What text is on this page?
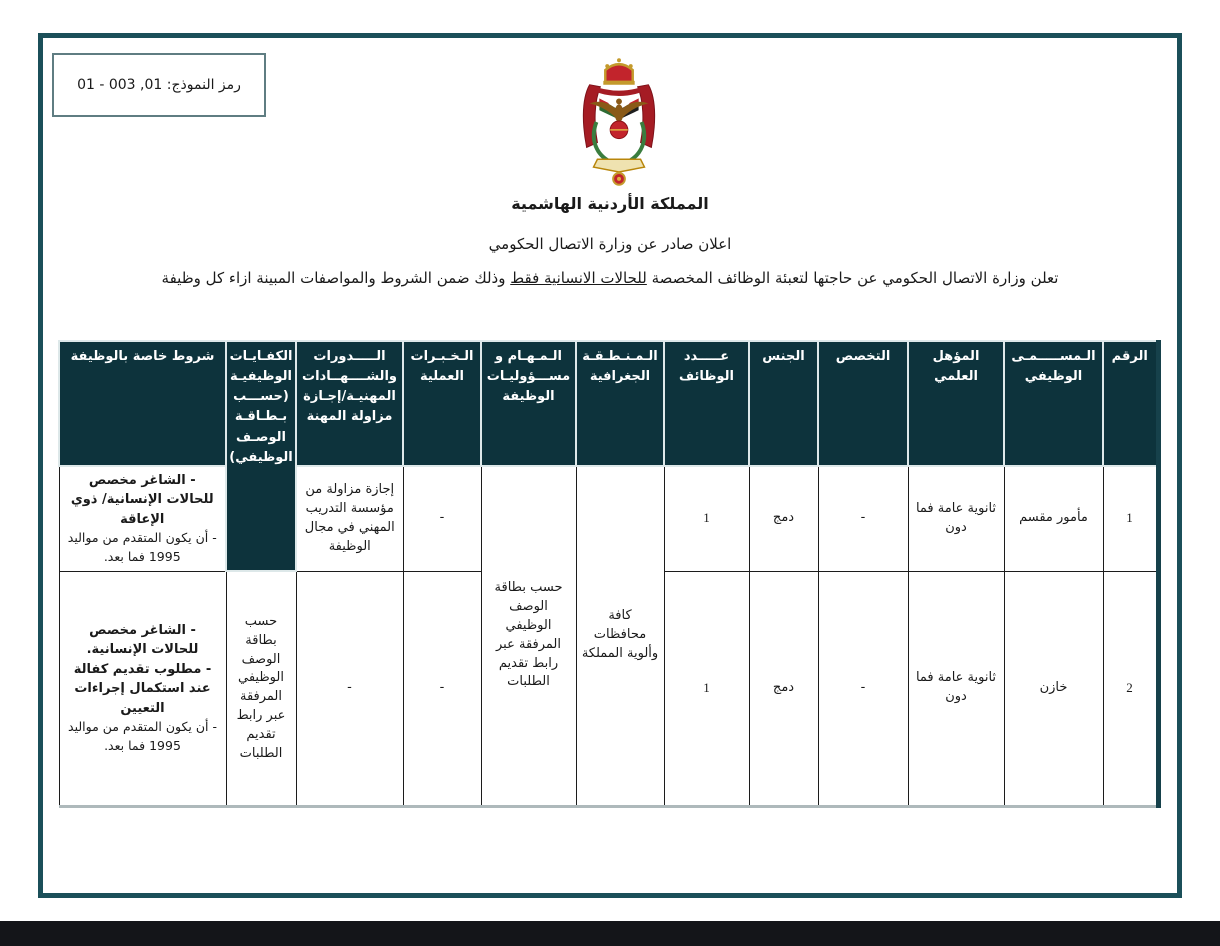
رمز النموذج: 01, 003 - 01
المملكة الأردنية الهاشمية
اعلان صادر عن وزارة الاتصال الحكومي
تعلن وزارة الاتصال الحكومي عن حاجتها لتعبئة الوظائف المخصصة للحالات الانسانية فقط وذلك ضمن الشروط والمواصفات المبينة ازاء كل وظيفة
الرقم	الـمســـــمـى الوظيفي	المؤهل العلمي	التخصص	الجنس	عـــــدد الوظائف	الـمـنـطـقـة الجغرافية	الـمـهـام و مســـؤوليـات الوظيفة	الـخـبـرات العملية	الـــــدورات والشــــهــادات المهنيـة/إجـازة مزاولة المهنة	الكفـايـات الوظيفيـة (حســـب بـطـاقـة الوصـف الوظيفي)	شروط خاصة بالوظيفة
1	مأمور مقسم	ثانوية عامة فما دون	-	دمج	1	كافة محافظات وألوية المملكة	حسب بطاقة الوصف الوظيفي المرفقة عبر رابط تقديم الطلبات	-	إجازة مزاولة من مؤسسة التدريب المهني في مجال الوظيفة		- الشاغر مخصص للحالات الإنسانية/ ذوي الإعاقة
- أن يكون المتقدم من مواليد 1995 فما بعد.

2	خازن	ثانوية عامة فما دون	-	دمج	1			-	-	حسب بطاقة الوصف الوظيفي المرفقة عبر رابط تقديم الطلبات	- الشاغر مخصص للحالات الإنسانية.
- مطلوب تقديم كفالة عند استكمال إجراءات التعيين
- أن يكون المتقدم من مواليد 1995 فما بعد.
